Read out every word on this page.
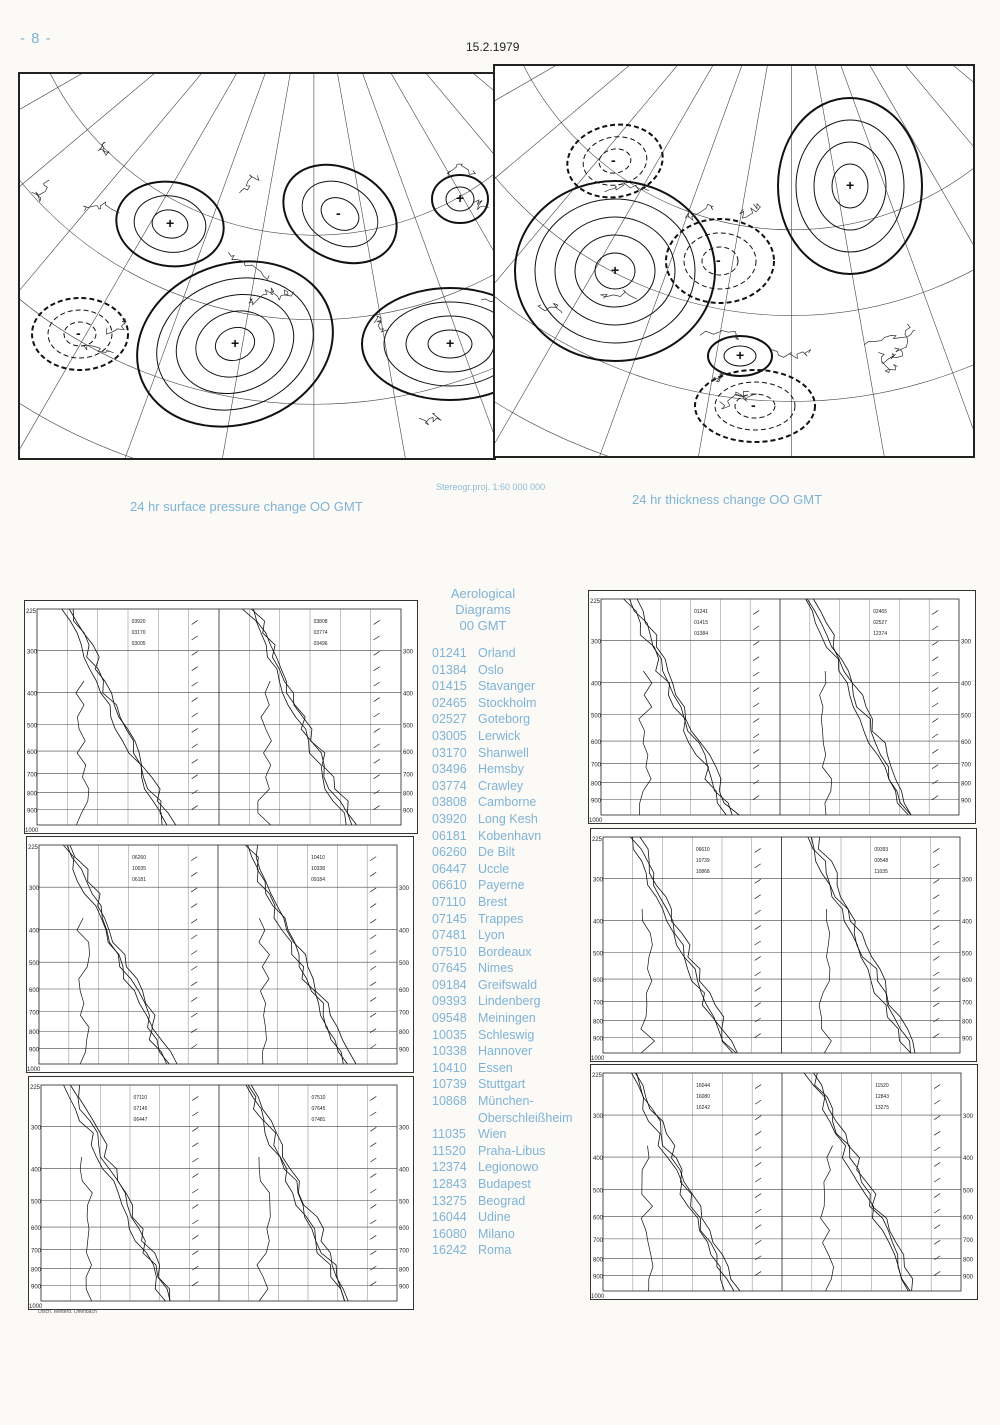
- 8 -	15.2.1979
+
+	+
-
-
+
+
+
-
-
+
-
24 hr surface pressure change OO GMT
Stereogr.proj. 1:60 000 000
24 hr thickness change OO GMT
300	300
400	400
500	500
600	600
700	700
800	800
900	900
225
1000
03920
03170
03005
03808
03774
03496
300	300
400	400
500	500
600	600
700	700
800	800
900	900
225
1000
06260
10035
06181
10410
10338
09184
300	300
400	400
500	500
600	600
700	700
800	800
900	900
225
1000
07110
07145
06447
07510
07645
07481
300	300
400	400
500	500
600	600
700	700
800	800
900	900
225
1000
01241
01415
01384
02465
02527
12374
300	300
400	400
500	500
600	600
700	700
800	800
900	900
225
1000
06610
10739
10868
09393
09548
11035
300	300
400	400
500	500
600	600
700	700
800	800
900	900
225
1000
16044
16080
16242
11520
12843
13275
Aerological
Diagrams
00 GMT
01241 Orland
01384 Oslo
01415 Stavanger
02465 Stockholm
02527 Goteborg
03005 Lerwick
03170 Shanwell
03496 Hemsby
03774 Crawley
03808 Camborne
03920 Long Kesh
06181 Kobenhavn
06260 De Bilt
06447 Uccle
06610 Payerne
07110 Brest
07145 Trappes
07481 Lyon
07510 Bordeaux
07645 Nimes
09184 Greifswald
09393 Lindenberg
09548 Meiningen
10035 Schleswig
10338 Hannover
10410 Essen
10739 Stuttgart
10868 München-
Oberschleißheim
11035 Wien
11520 Praha-Libus
12374 Legionowo
12843 Budapest
13275 Beograd
16044 Udine
16080 Milano
16242 Roma
Dtsch. Wetterd. Offenbach
